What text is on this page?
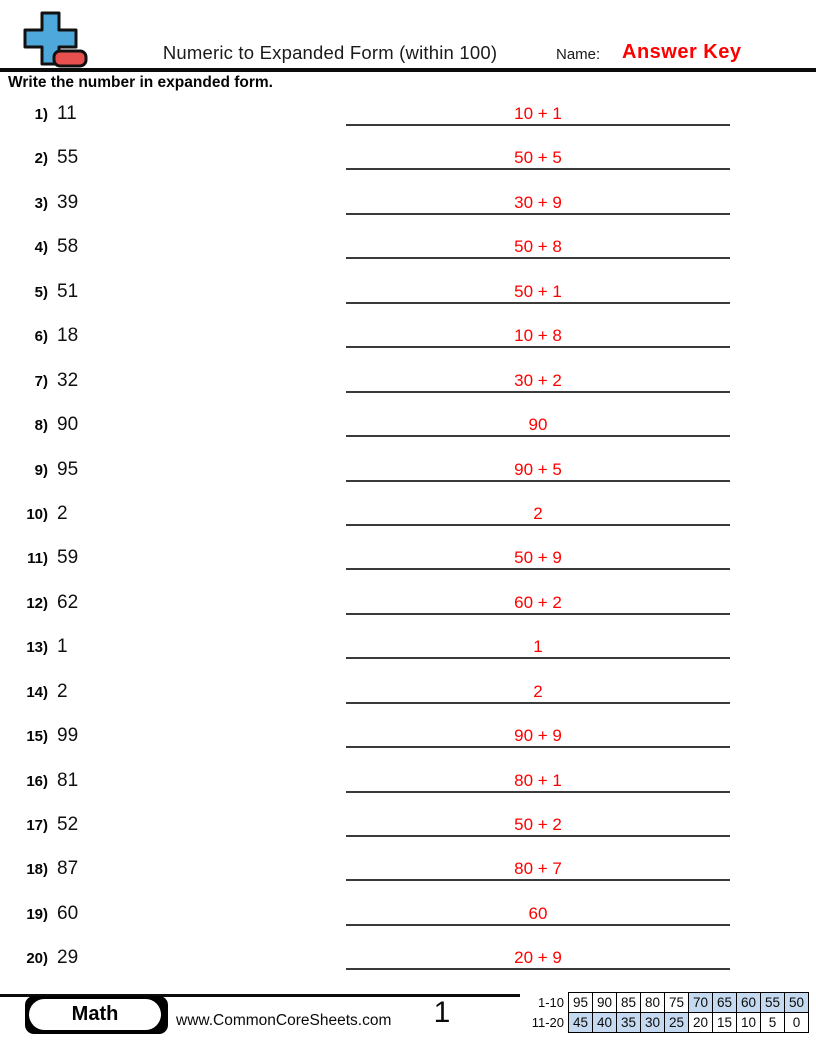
Numeric to Expanded Form (within 100)	Name: Answer Key
Write the number in expanded form.
1) 11	10 + 1
2) 55	50 + 5
3) 39	30 + 9
4) 58	50 + 8
5) 51	50 + 1
6) 18	10 + 8
7) 32	30 + 2
8) 90	90
9) 95	90 + 5
10) 2	2
11) 59	50 + 9
12) 62	60 + 2
13) 1	1
14) 2	2
15) 99	90 + 9
16) 81	80 + 1
17) 52	50 + 2
18) 87	80 + 7
19) 60	60
20) 29	20 + 9
Math	www.CommonCoreSheets.com	1	1-10	95	90	85	80	75	70	65	60	55	50
11-20	45	40	35	30	25	20	15	10	5	0
